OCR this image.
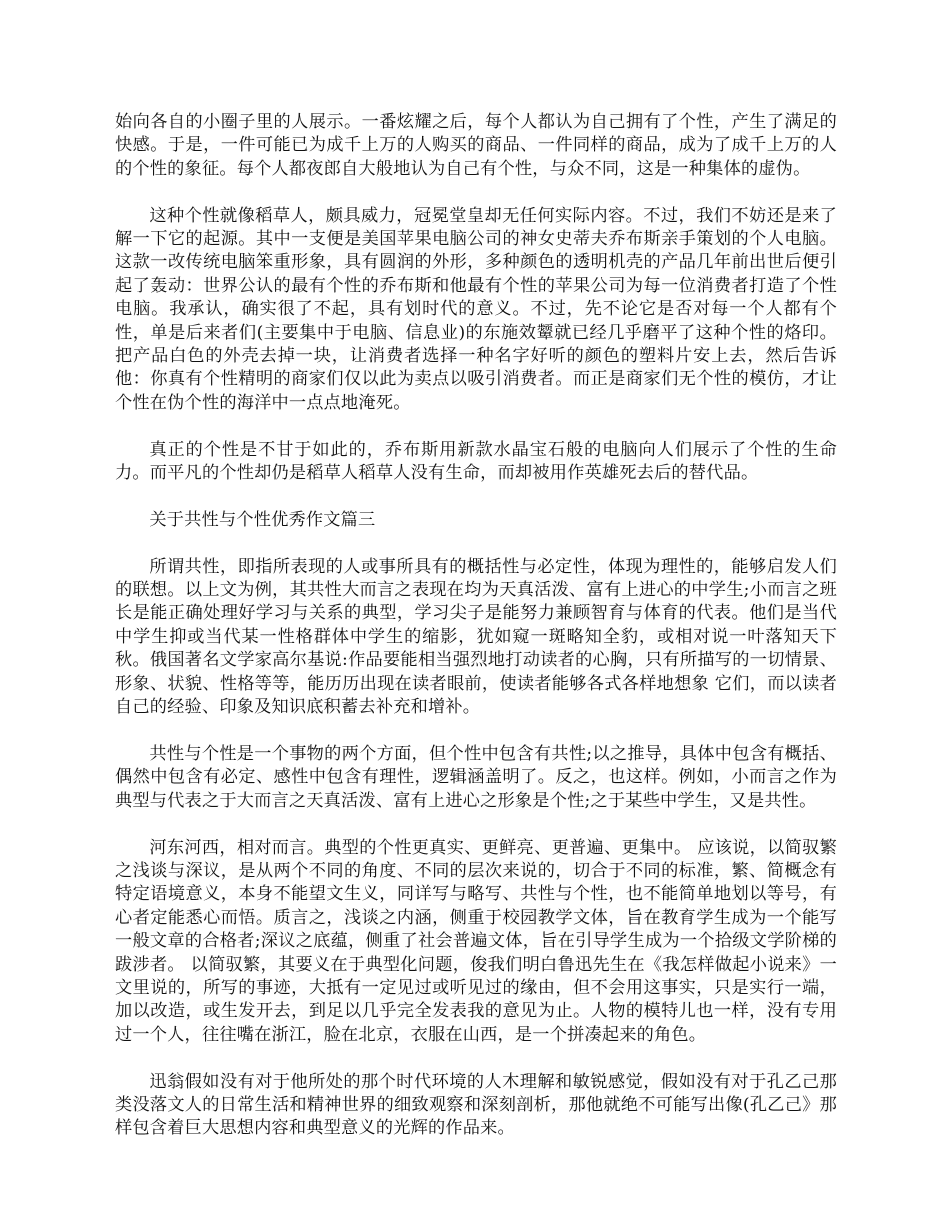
始向各自的小圈子里的人展示。一番炫耀之后，每个人都认为自己拥有了个性，产生了满足的快感。于是，一件可能已为成千上万的人购买的商品、一件同样的商品，成为了成千上万的人的个性的象征。每个人都夜郎自大般地认为自己有个性，与众不同，这是一种集体的虚伪。

这种个性就像稻草人，颇具威力，冠冕堂皇却无任何实际内容。不过，我们不妨还是来了解一下它的起源。其中一支便是美国苹果电脑公司的神女史蒂夫乔布斯亲手策划的个人电脑。这款一改传统电脑笨重形象，具有圆润的外形，多种颜色的透明机壳的产品几年前出世后便引起了轰动：世界公认的最有个性的乔布斯和他最有个性的苹果公司为每一位消费者打造了个性电脑。我承认，确实很了不起，具有划时代的意义。不过，先不论它是否对每一个人都有个性，单是后来者们(主要集中于电脑、信息业)的东施效颦就已经几乎磨平了这种个性的烙印。把产品白色的外壳去掉一块，让消费者选择一种名字好听的颜色的塑料片安上去，然后告诉他：你真有个性精明的商家们仅以此为卖点以吸引消费者。而正是商家们无个性的模仿，才让个性在伪个性的海洋中一点点地淹死。

真正的个性是不甘于如此的，乔布斯用新款水晶宝石般的电脑向人们展示了个性的生命力。而平凡的个性却仍是稻草人稻草人没有生命，而却被用作英雄死去后的替代品。

关于共性与个性优秀作文篇三

所谓共性，即指所表现的人或事所具有的概括性与必定性，体现为理性的，能够启发人们的联想。以上文为例，其共性大而言之表现在均为天真活泼、富有上进心的中学生;小而言之班长是能正确处理好学习与关系的典型，学习尖子是能努力兼顾智育与体育的代表。他们是当代中学生抑或当代某一性格群体中学生的缩影，犹如窥一斑略知全豹，或相对说一叶落知天下秋。俄国著名文学家高尔基说:作品要能相当强烈地打动读者的心胸，只有所描写的一切情景、形象、状貌、性格等等，能历历出现在读者眼前，使读者能够各式各样地想象 它们，而以读者自己的经验、印象及知识底积蓄去补充和增补。

共性与个性是一个事物的两个方面，但个性中包含有共性;以之推导，具体中包含有概括、偶然中包含有必定、感性中包含有理性，逻辑涵盖明了。反之，也这样。例如，小而言之作为典型与代表之于大而言之天真活泼、富有上进心之形象是个性;之于某些中学生，又是共性。

河东河西，相对而言。典型的个性更真实、更鲜亮、更普遍、更集中。 应该说，以简驭繁之浅谈与深议，是从两个不同的角度、不同的层次来说的，切合于不同的标准，繁、简概念有特定语境意义，本身不能望文生义，同详写与略写、共性与个性，也不能简单地划以等号，有心者定能悉心而悟。质言之，浅谈之内涵，侧重于校园教学文体，旨在教育学生成为一个能写一般文章的合格者;深议之底蕴，侧重了社会普遍文体，旨在引导学生成为一个拾级文学阶梯的跋涉者。 以简驭繁，其要义在于典型化问题，俊我们明白鲁迅先生在《我怎样做起小说来》一文里说的，所写的事迹，大抵有一定见过或听见过的缘由，但不会用这事实，只是实行一端，加以改造，或生发开去，到足以几乎完全发表我的意见为止。人物的模特儿也一样，没有专用过一个人，往往嘴在浙江，脸在北京，衣服在山西，是一个拼凑起来的角色。

迅翁假如没有对于他所处的那个时代环境的人木理解和敏锐感觉，假如没有对于孔乙己那类没落文人的日常生活和精神世界的细致观察和深刻剖析，那他就绝不可能写出像(孔乙己》那样包含着巨大思想内容和典型意义的光辉的作品来。
